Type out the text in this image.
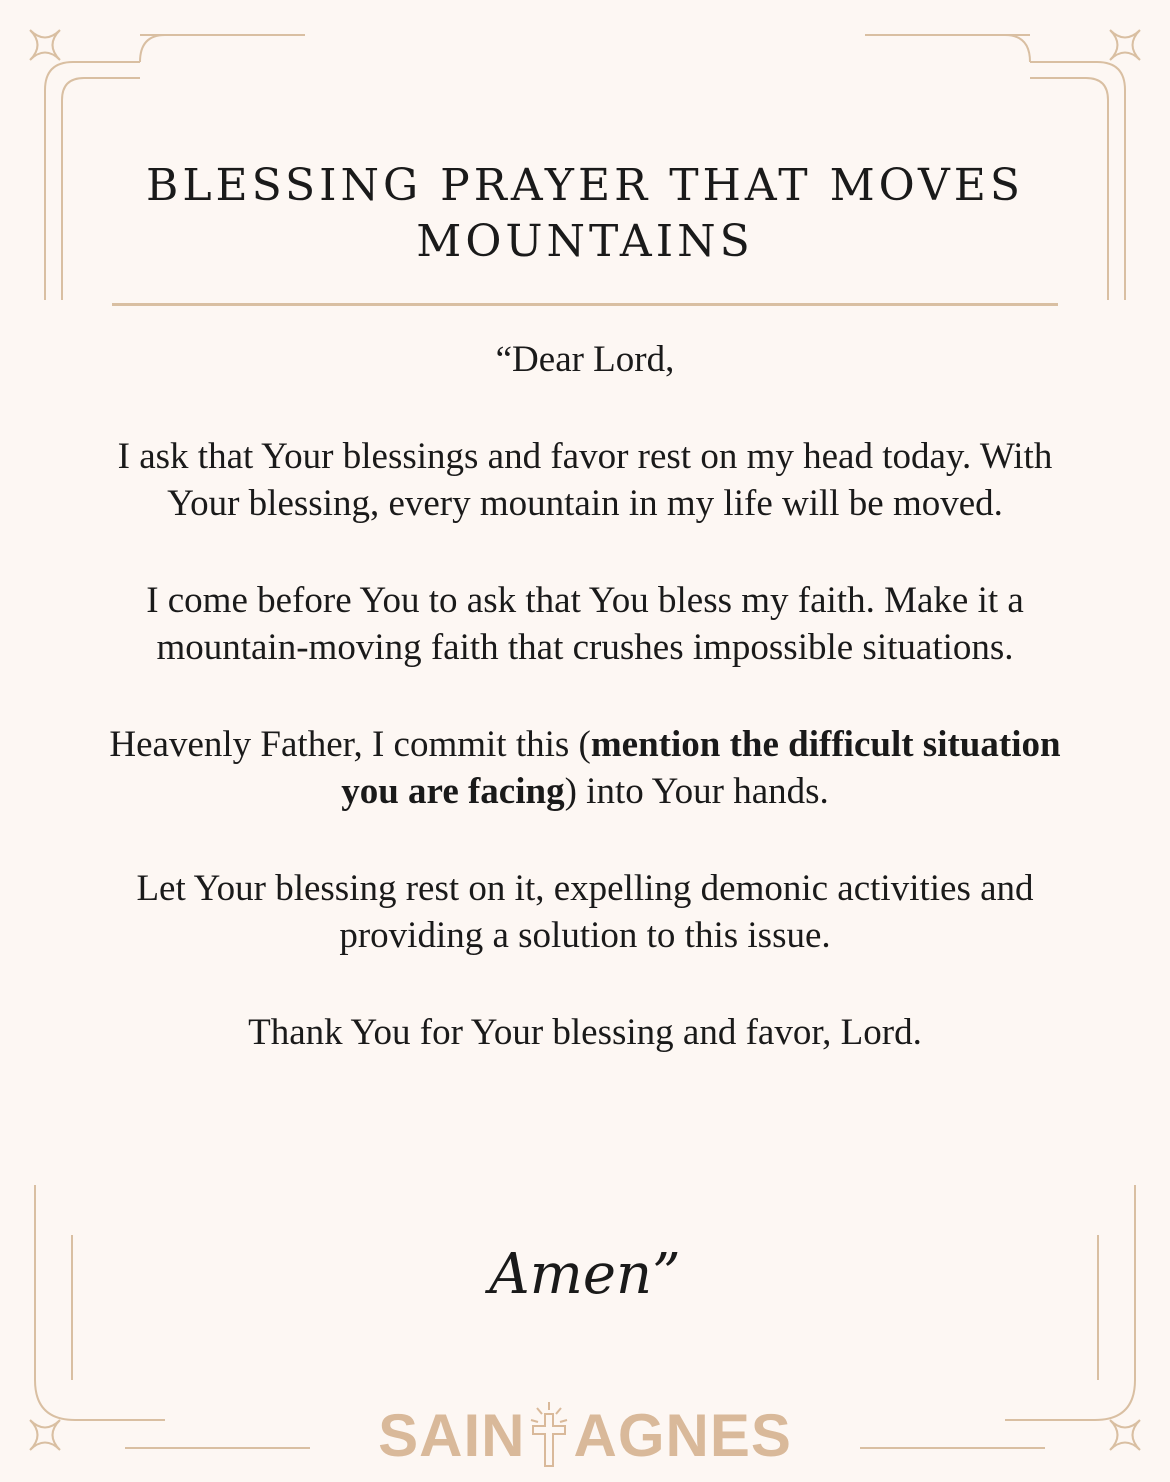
BLESSING PRAYER THAT MOVES MOUNTAINS

“Dear Lord,

I ask that Your blessings and favor rest on my head today. With Your blessing, every mountain in my life will be moved.

I come before You to ask that You bless my faith. Make it a mountain-moving faith that crushes impossible situations.

Heavenly Father, I commit this (mention the difficult situation you are facing) into Your hands.

Let Your blessing rest on it, expelling demonic activities and providing a solution to this issue.

Thank You for Your blessing and favor, Lord.

Amen”
SAIN AGNES
